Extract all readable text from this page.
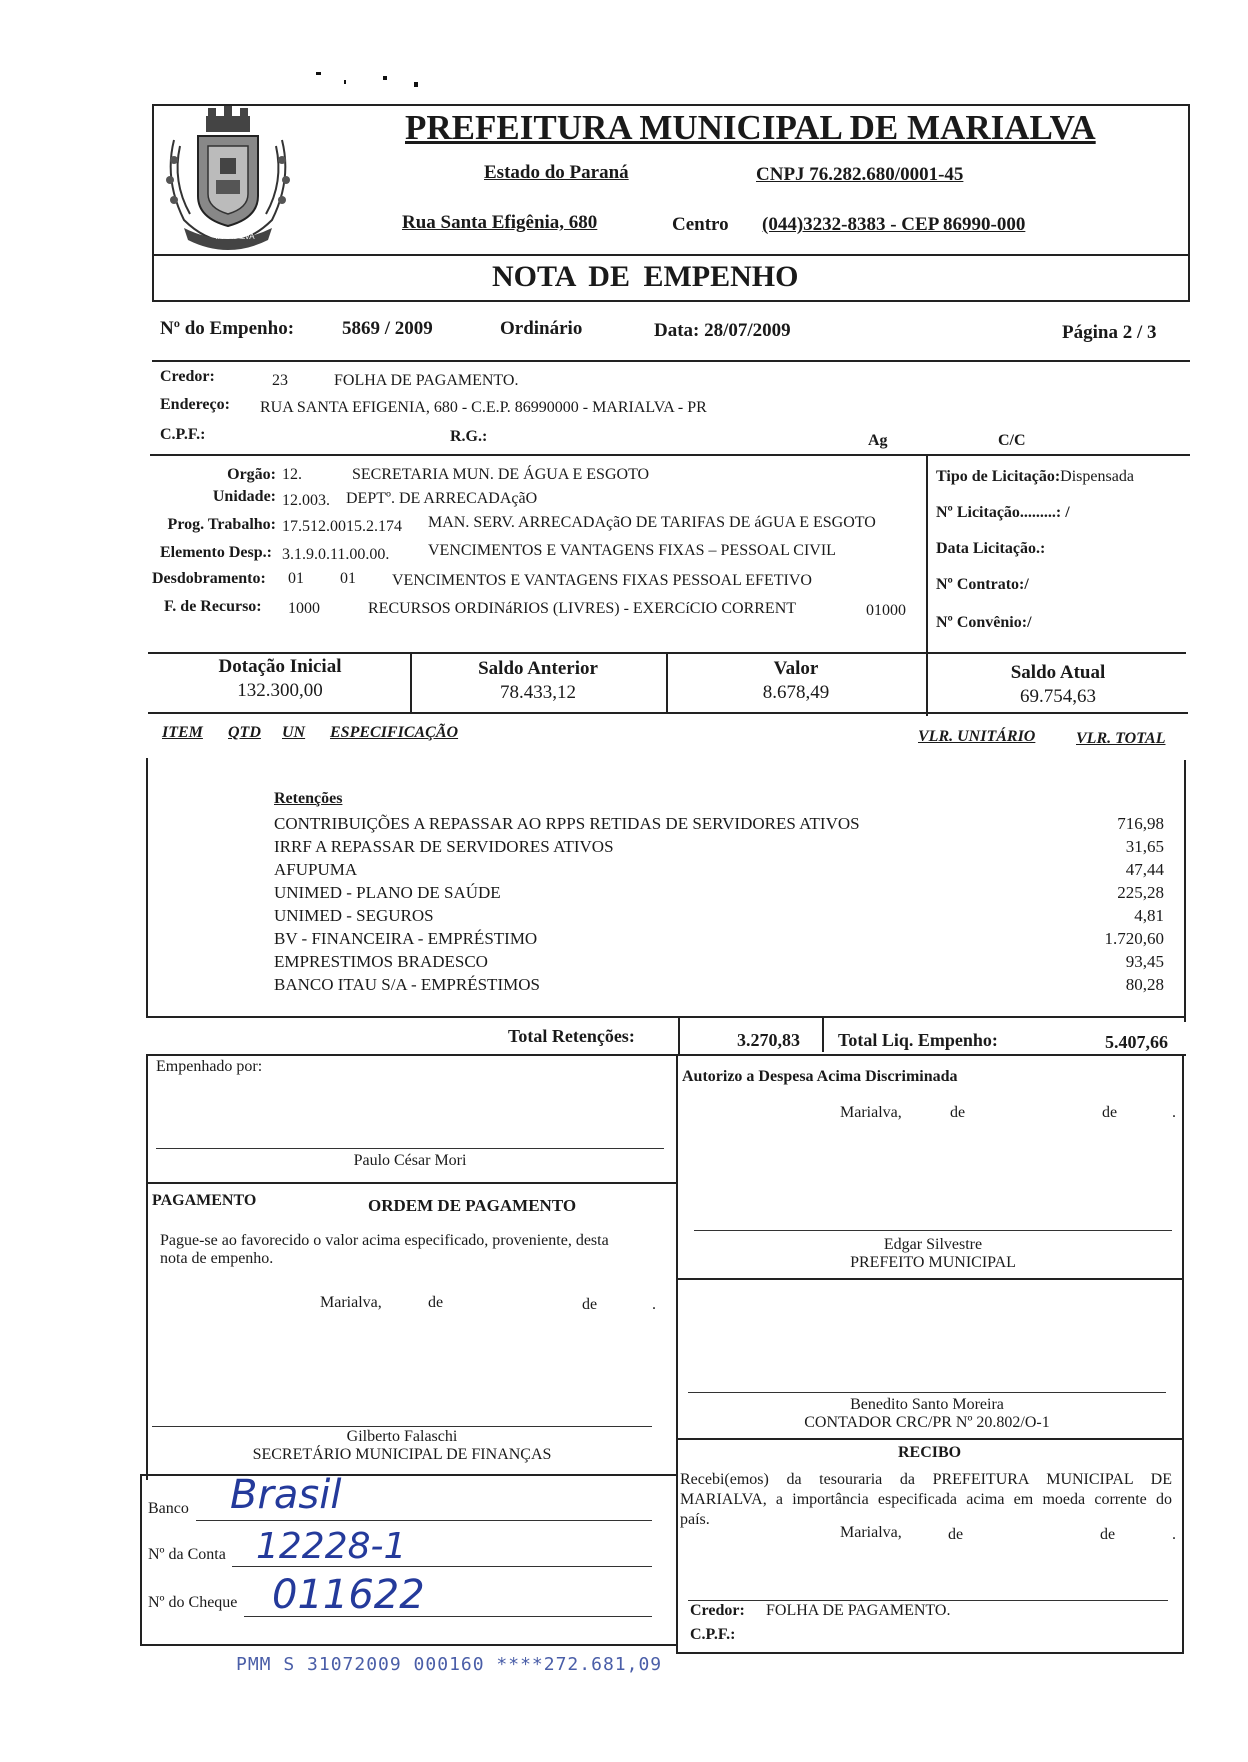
MARIALVA
PREFEITURA MUNICIPAL DE MARIALVA
Estado do Paraná	CNPJ 76.282.680/0001-45
Rua Santa Efigênia, 680	Centro (044)3232-8383 - CEP 86990-000
NOTA DE EMPENHO
Nº do Empenho:	5869 / 2009	Ordinário	Data: 28/07/2009	Página 2 / 3
Credor:	23	FOLHA DE PAGAMENTO.
Endereço: RUA SANTA EFIGENIA, 680 - C.E.P. 86990000 - MARIALVA - PR
C.P.F.:	R.G.:	Ag	C/C
Orgão: 12.	SECRETARIA MUN. DE ÁGUA E ESGOTO
Unidade: 12.003. DEPTº. DE ARRECADAçãO
Prog. Trabalho: 17.512.0015.2.174 MAN. SERV. ARRECADAçãO DE TARIFAS DE áGUA E ESGOTO
Elemento Desp.: 3.1.9.0.11.00.00. VENCIMENTOS E VANTAGENS FIXAS – PESSOAL CIVIL
Desdobramento: 01 01 VENCIMENTOS E VANTAGENS FIXAS PESSOAL EFETIVO
F. de Recurso: 1000	RECURSOS ORDINáRIOS (LIVRES) - EXERCíCIO CORRENT	01000
Tipo de Licitação:Dispensada
Nº Licitação.........: /
Data Licitação.:
Nº Contrato:/
Nº Convênio:/
Dotação Inicial
132.300,00
Saldo Anterior
78.433,12
Valor
8.678,49
Saldo Atual
69.754,63
ITEM QTD UN ESPECIFICAÇÃO	VLR. UNITÁRIO	VLR. TOTAL
Retenções
CONTRIBUIÇÕES A REPASSAR AO RPPS RETIDAS DE SERVIDORES ATIVOS	716,98
IRRF A REPASSAR DE SERVIDORES ATIVOS	31,65
AFUPUMA	47,44
UNIMED - PLANO DE SAÚDE	225,28
UNIMED - SEGUROS	4,81
BV - FINANCEIRA - EMPRÉSTIMO	1.720,60
EMPRESTIMOS BRADESCO	93,45
BANCO ITAU S/A - EMPRÉSTIMOS	80,28
Total Retenções:	3.270,83 Total Liq. Empenho:	5.407,66
Empenhado por:
Paulo César Mori
Autorizo a Despesa Acima Discriminada
Marialva,	de	de	.
Edgar Silvestre
PREFEITO MUNICIPAL
PAGAMENTO	ORDEM DE PAGAMENTO
Pague-se ao favorecido o valor acima especificado, proveniente, desta
nota de empenho.
Marialva,	de	de	.
Gilberto Falaschi
SECRETÁRIO MUNICIPAL DE FINANÇAS
Benedito Santo Moreira
CONTADOR CRC/PR Nº 20.802/O-1
Banco Brasil
Nº da Conta 12228-1
Nº do Cheque 011622
RECIBO
Recebi(emos) da tesouraria da PREFEITURA MUNICIPAL DE
MARIALVA, a importância especificada acima em moeda corrente do
país.
Marialva,	de	de	.
Credor: FOLHA DE PAGAMENTO.
C.P.F.:
PMM S 31072009 000160 ****272.681,09
